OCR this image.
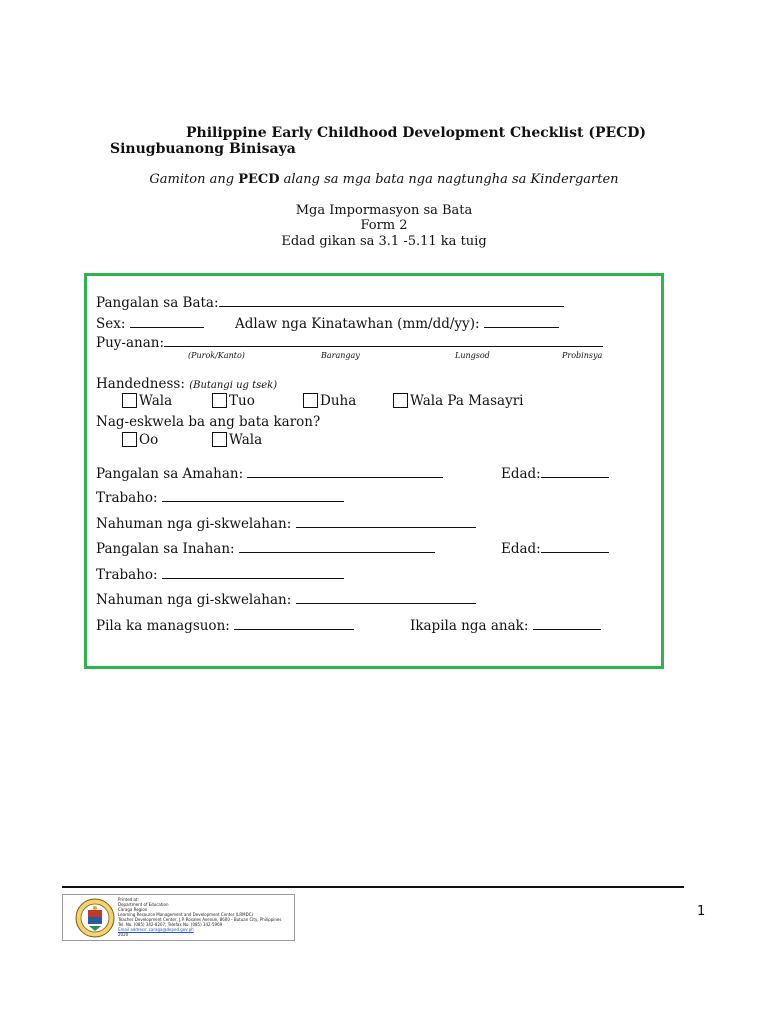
Philippine Early Childhood Development Checklist (PECD)
Sinugbuanong Binisaya
Gamiton ang PECD alang sa mga bata nga nagtungha sa Kindergarten
Mga Impormasyon sa Bata
Form 2
Edad gikan sa 3.1 -5.11 ka tuig
Pangalan sa Bata:
Sex:	Adlaw nga Kinatawhan (mm/dd/yy):
Puy-anan:
(Purok/Kanto)	Barangay	Lungsod	Probinsya
Handedness: (Butangi ug tsek)
Wala	Tuo	Duha	Wala Pa Masayri
Nag-eskwela ba ang bata karon?
Oo	Wala
Pangalan sa Amahan:	Edad:
Trabaho:
Nahuman nga gi-skwelahan:
Pangalan sa Inahan:	Edad:
Trabaho:
Nahuman nga gi-skwelahan:
Pila ka managsuon:	Ikapila nga anak:
Printed at:
Department of Education
Caraga Region
Learning Resource Management and Development Center (LRMDC)
Teacher Development Center, J.P. Rosales Avenue, 8600 - Butuan City, Philippines
Tel. No. (085) 342-8207; Telefax No. (085) 342-5969
Email address: caraga@deped.gov.ph
2020
1
